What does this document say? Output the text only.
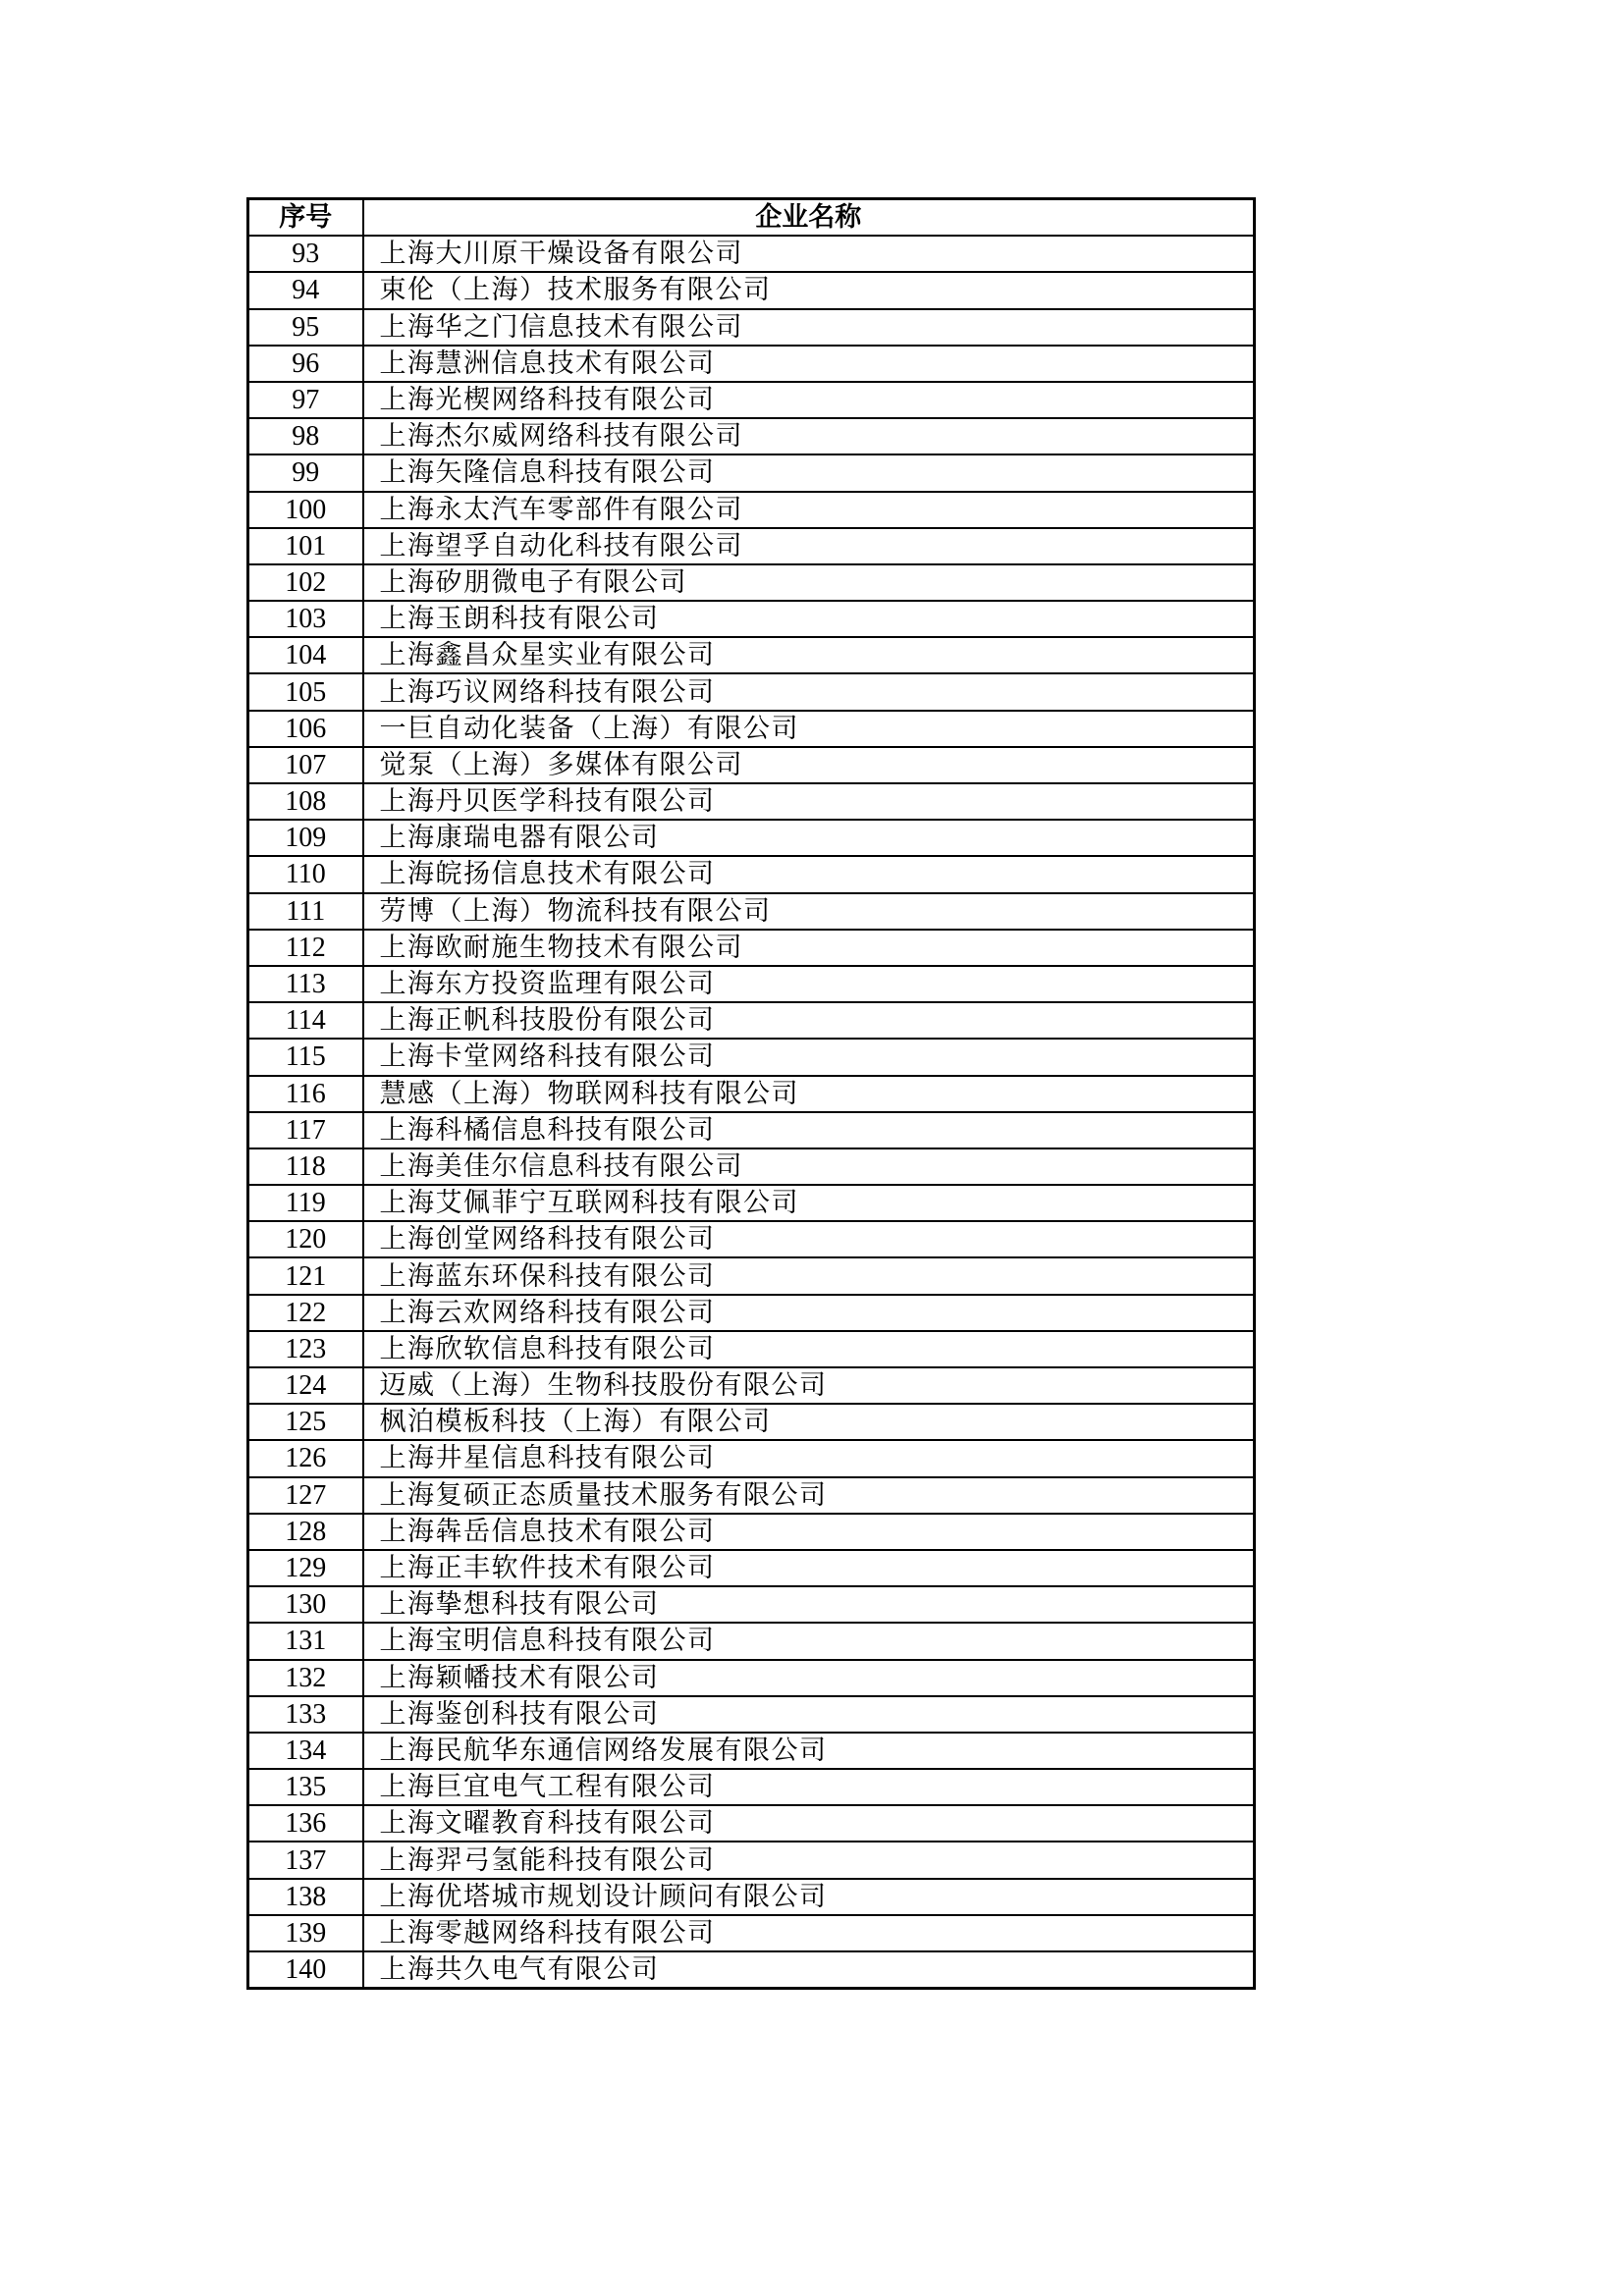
序号	企业名称
93	上海大川原干燥设备有限公司
94	束伦（上海）技术服务有限公司
95	上海华之门信息技术有限公司
96	上海慧洲信息技术有限公司
97	上海光楔网络科技有限公司
98	上海杰尔威网络科技有限公司
99	上海矢隆信息科技有限公司
100	上海永太汽车零部件有限公司
101	上海望孚自动化科技有限公司
102	上海矽朋微电子有限公司
103	上海玉朗科技有限公司
104	上海鑫昌众星实业有限公司
105	上海巧议网络科技有限公司
106	一巨自动化装备（上海）有限公司
107	觉泵（上海）多媒体有限公司
108	上海丹贝医学科技有限公司
109	上海康瑞电器有限公司
110	上海皖扬信息技术有限公司
111	劳博（上海）物流科技有限公司
112	上海欧耐施生物技术有限公司
113	上海东方投资监理有限公司
114	上海正帆科技股份有限公司
115	上海卡堂网络科技有限公司
116	慧感（上海）物联网科技有限公司
117	上海科橘信息科技有限公司
118	上海美佳尔信息科技有限公司
119	上海艾佩菲宁互联网科技有限公司
120	上海创堂网络科技有限公司
121	上海蓝东环保科技有限公司
122	上海云欢网络科技有限公司
123	上海欣软信息科技有限公司
124	迈威（上海）生物科技股份有限公司
125	枫泊模板科技（上海）有限公司
126	上海井星信息科技有限公司
127	上海复硕正态质量技术服务有限公司
128	上海犇岳信息技术有限公司
129	上海正丰软件技术有限公司
130	上海挚想科技有限公司
131	上海宝明信息科技有限公司
132	上海颖幡技术有限公司
133	上海鉴创科技有限公司
134	上海民航华东通信网络发展有限公司
135	上海巨宜电气工程有限公司
136	上海文曜教育科技有限公司
137	上海羿弓氢能科技有限公司
138	上海优塔城市规划设计顾问有限公司
139	上海零越网络科技有限公司
140	上海共久电气有限公司
